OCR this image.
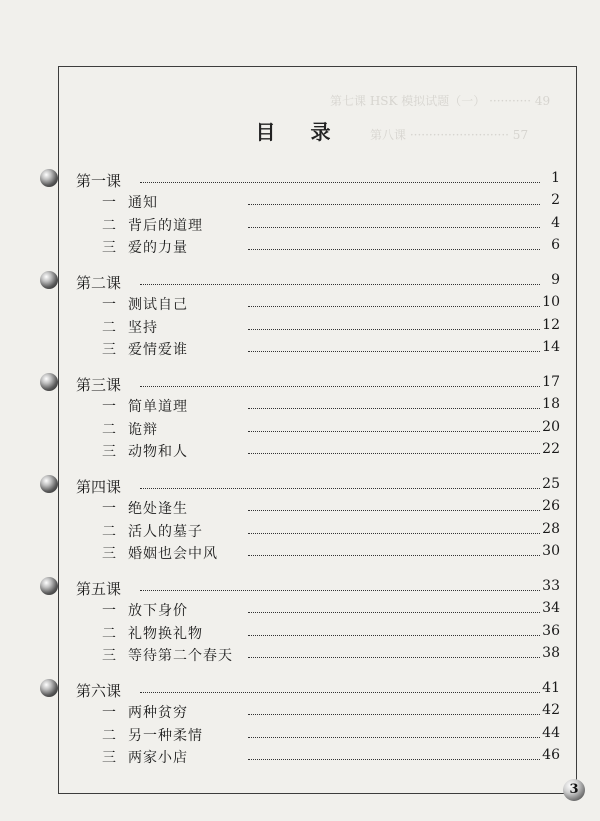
第七课 HSK 模拟试题（一） ··········· 49
第八课 ·························· 57
目 录
第一课	1
一 通知	2
二 背后的道理	4
三 爱的力量	6
第二课	9
一 测试自己	10
二 坚持	12
三 爱情爱谁	14
第三课	17
一 简单道理	18
二 诡辩	20
三 动物和人	22
第四课	25
一 绝处逢生	26
二 活人的墓子	28
三 婚姻也会中风	30
第五课	33
一 放下身价	34
二 礼物换礼物	36
三 等待第二个春天	38
第六课	41
一 两种贫穷	42
二 另一种柔情	44
三 两家小店	46
3
